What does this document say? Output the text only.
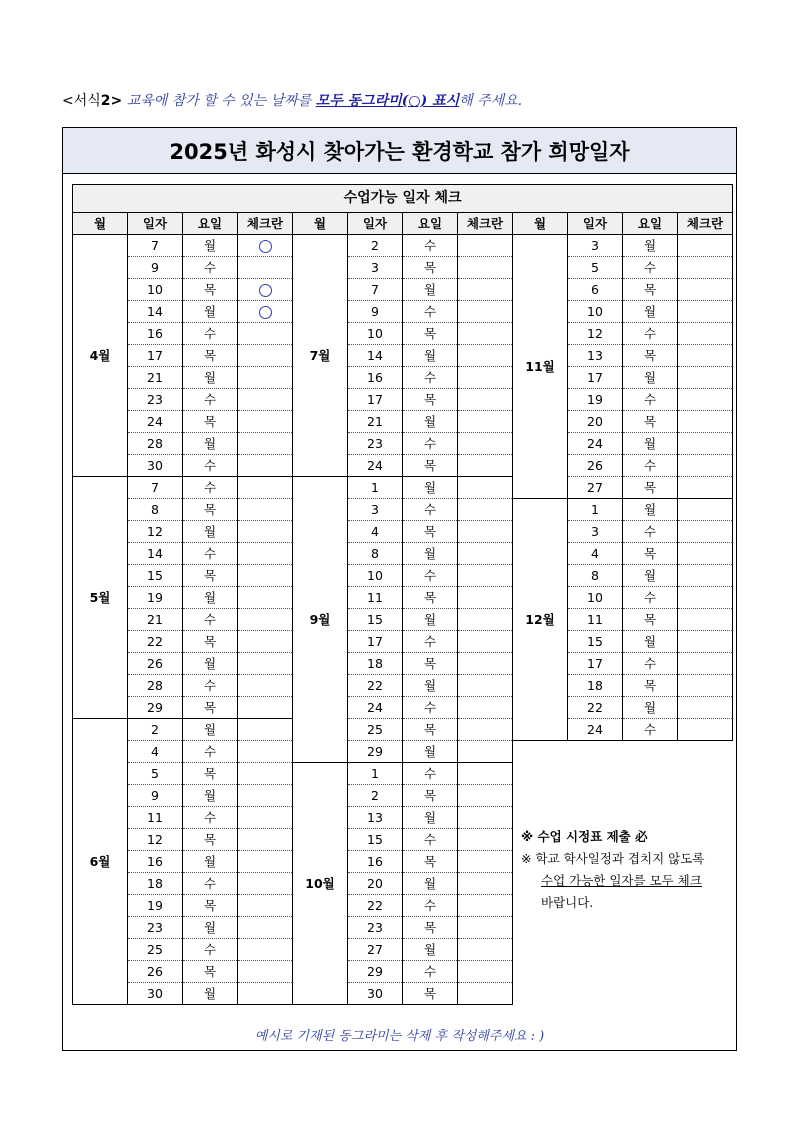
<서식2> 교육에 참가 할 수 있는 날짜를 모두 동그라미(○) 표시해 주세요.
2025년 화성시 찾아가는 환경학교 참가 희망일자
수업가능 일자 체크											
월	일자	요일	체크란	월	일자	요일	체크란	월	일자	요일	체크란
4월	7	월		7월	2	수		11월	3	월	
	9	수			3	목			5	수	
	10	목			7	월			6	목	
	14	월			9	수			10	월	
	16	수			10	목			12	수	
	17	목			14	월			13	목	
	21	월			16	수			17	월	
	23	수			17	목			19	수	
	24	목			21	월			20	목	
	28	월			23	수			24	월	
	30	수			24	목			26	수	
5월	7	수		9월	1	월			27	목	
	8	목			3	수		12월	1	월	
	12	월			4	목			3	수	
	14	수			8	월			4	목	
	15	목			10	수			8	월	
	19	월			11	목			10	수	
	21	수			15	월			11	목	
	22	목			17	수			15	월	
	26	월			18	목			17	수	
	28	수			22	월			18	목	
	29	목			24	수			22	월	
6월	2	월			25	목			24	수	
	4	수			29	월					
	5	목		10월	1	수					
	9	월			2	목					
	11	수			13	월					
	12	목			15	수					
	16	월			16	목					
	18	수			20	월					
	19	목			22	수					
	23	월			23	목					
	25	수			27	월					
	26	목			29	수					
	30	월			30	목					
※ 수업 시정표 제출 必
※ 학교 학사일정과 겹치지 않도록
수업 가능한 일자를 모두 체크
바랍니다.
예시로 기재된 동그라미는 삭제 후 작성해주세요 : )
